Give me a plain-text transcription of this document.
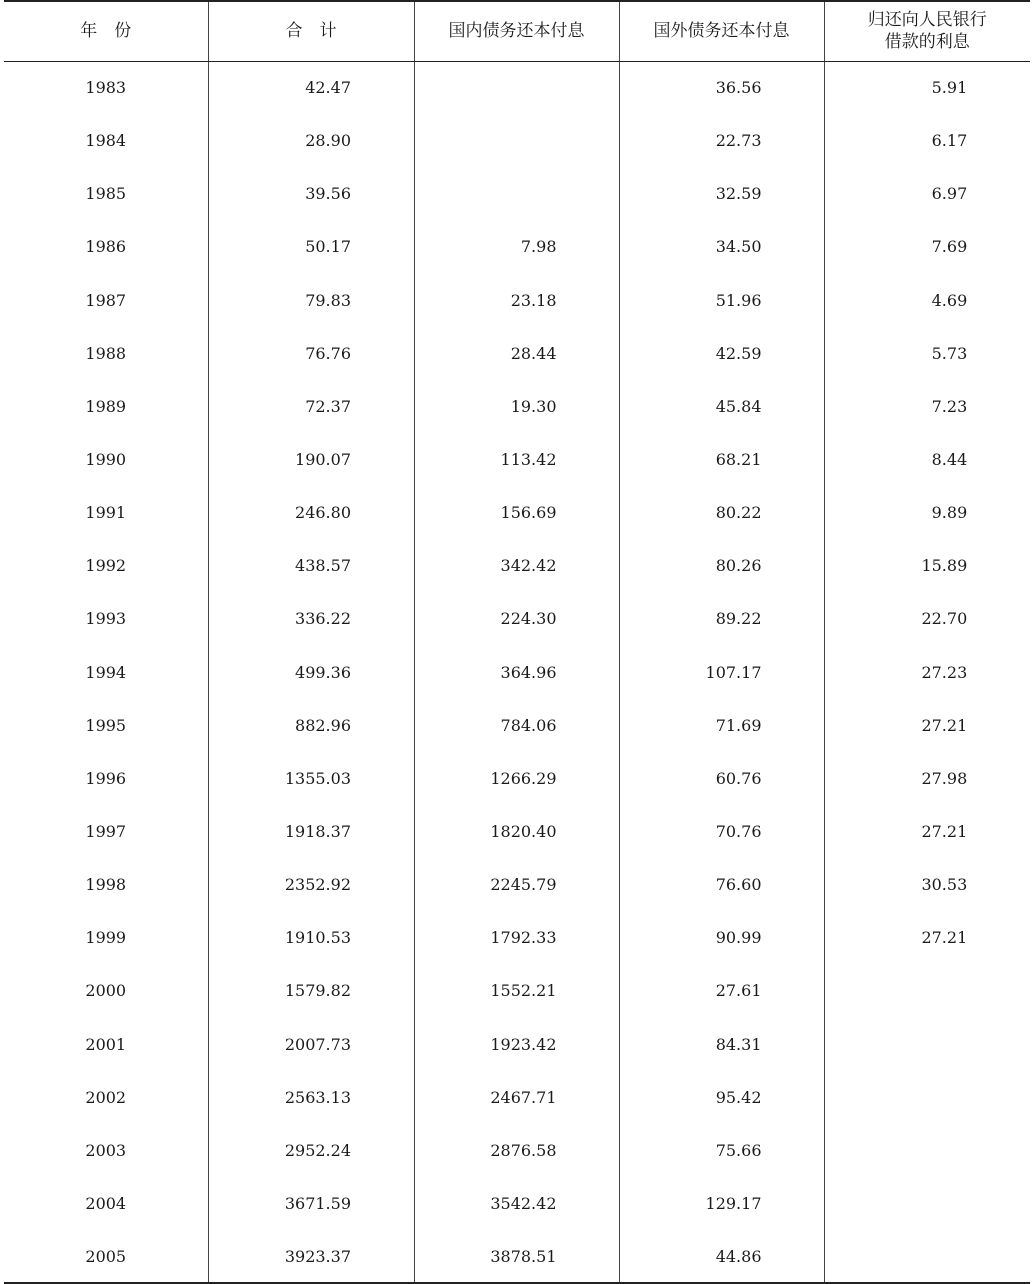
年　份	合　计	国内债务还本付息	国外债务还本付息	归还向人民银行
借款的利息
1983	42.47		36.56	5.91
1984	28.90		22.73	6.17
1985	39.56		32.59	6.97
1986	50.17	7.98	34.50	7.69
1987	79.83	23.18	51.96	4.69
1988	76.76	28.44	42.59	5.73
1989	72.37	19.30	45.84	7.23
1990	190.07	113.42	68.21	8.44
1991	246.80	156.69	80.22	9.89
1992	438.57	342.42	80.26	15.89
1993	336.22	224.30	89.22	22.70
1994	499.36	364.96	107.17	27.23
1995	882.96	784.06	71.69	27.21
1996	1355.03	1266.29	60.76	27.98
1997	1918.37	1820.40	70.76	27.21
1998	2352.92	2245.79	76.60	30.53
1999	1910.53	1792.33	90.99	27.21
2000	1579.82	1552.21	27.61	
2001	2007.73	1923.42	84.31	
2002	2563.13	2467.71	95.42	
2003	2952.24	2876.58	75.66	
2004	3671.59	3542.42	129.17	
2005	3923.37	3878.51	44.86	
